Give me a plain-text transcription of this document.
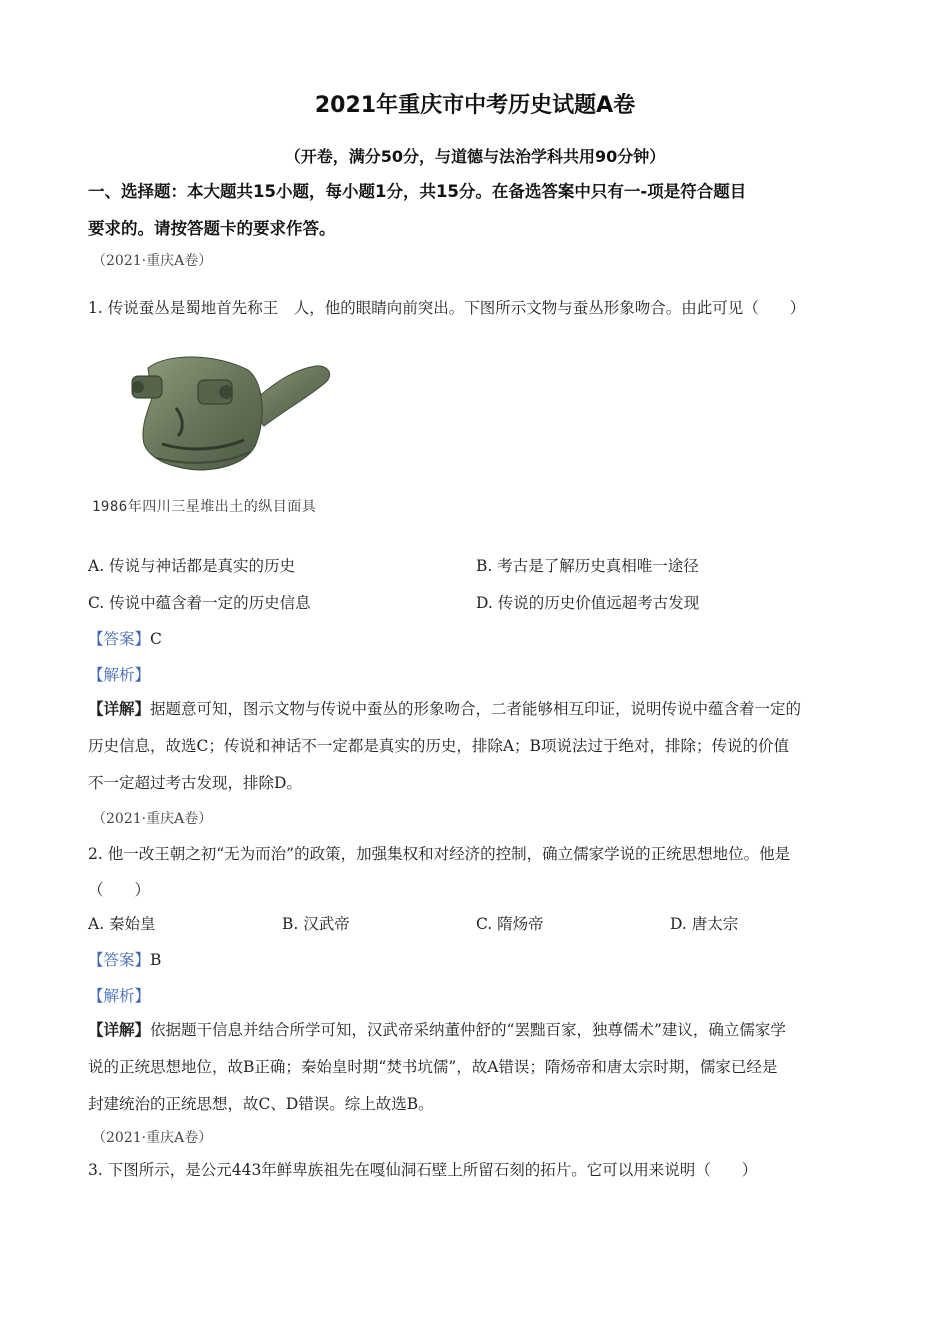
2021年重庆市中考历史试题A卷
（开卷，满分50分，与道德与法治学科共用90分钟）
一、选择题：本大题共15小题，每小题1分，共15分。在备选答案中只有一-项是符合题目
要求的。请按答题卡的要求作答。
（2021·重庆A卷）
1. 传说蚕丛是蜀地首先称王　人，他的眼睛向前突出。下图所示文物与蚕丛形象吻合。由此可见（　　）
1986年四川三星堆出土的纵目面具
A. 传说与神话都是真实的历史	B. 考古是了解历史真相唯一途径
C. 传说中蕴含着一定的历史信息	D. 传说的历史价值远超考古发现
【答案】C
【解析】
【详解】据题意可知，图示文物与传说中蚕丛的形象吻合，二者能够相互印证，说明传说中蕴含着一定的
历史信息，故选C；传说和神话不一定都是真实的历史，排除A；B项说法过于绝对，排除；传说的价值
不一定超过考古发现，排除D。
（2021·重庆A卷）
2. 他一改王朝之初“无为而治”的政策，加强集权和对经济的控制，确立儒家学说的正统思想地位。他是
（　　）
A. 秦始皇	B. 汉武帝	C. 隋炀帝	D. 唐太宗
【答案】B
【解析】
【详解】依据题干信息并结合所学可知，汉武帝采纳董仲舒的“罢黜百家，独尊儒术”建议，确立儒家学
说的正统思想地位，故B正确；秦始皇时期“焚书坑儒”，故A错误；隋炀帝和唐太宗时期，儒家已经是
封建统治的正统思想，故C、D错误。综上故选B。
（2021·重庆A卷）
3. 下图所示，是公元443年鲜卑族祖先在嘎仙洞石壁上所留石刻的拓片。它可以用来说明（　　）
